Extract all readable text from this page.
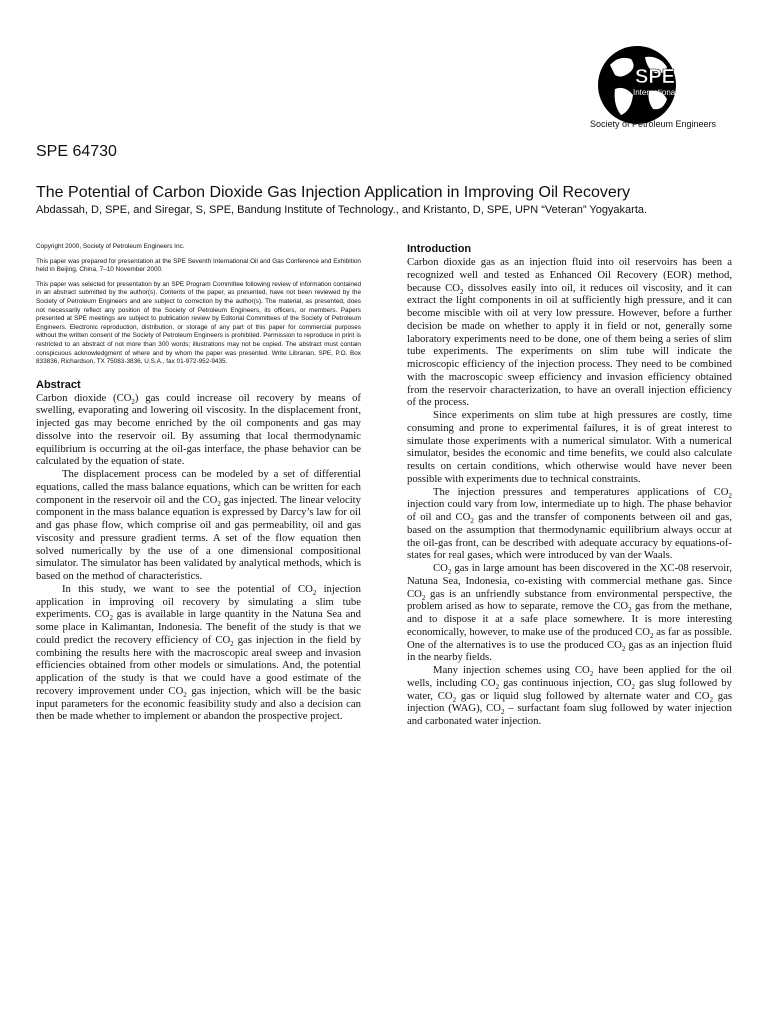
SPE
International
Society of Petroleum Engineers
SPE 64730
The Potential of Carbon Dioxide Gas Injection Application in Improving Oil Recovery
Abdassah, D, SPE, and Siregar, S, SPE, Bandung Institute of Technology., and Kristanto, D, SPE, UPN “Veteran” Yogyakarta.

Copyright 2000, Society of Petroleum Engineers Inc.

This paper was prepared for presentation at the SPE Seventh International Oil and Gas Conference and Exhibition held in Beijing, China, 7–10 November 2000.

This paper was selected for presentation by an SPE Program Committee following review of information contained in an abstract submitted by the author(s). Contents of the paper, as presented, have not been reviewed by the Society of Petroleum Engineers and are subject to correction by the author(s). The material, as presented, does not necessarily reflect any position of the Society of Petroleum Engineers, its officers, or members. Papers presented at SPE meetings are subject to publication review by Editorial Committees of the Society of Petroleum Engineers. Electronic reproduction, distribution, or storage of any part of this paper for commercial purposes without the written consent of the Society of Petroleum Engineers is prohibited. Permission to reproduce in print is restricted to an abstract of not more than 300 words; illustrations may not be copied. The abstract must contain conspicuous acknowledgment of where and by whom the paper was presented. Write Librarian, SPE, P.O. Box 833836, Richardson, TX 75083-3836, U.S.A., fax 01-972-952-9435.

Abstract

Carbon dioxide $(CO_2)$ gas could increase oil recovery by means of swelling, evaporating and lowering oil viscosity. In the displacement front, injected gas may become enriched by the oil components and gas may dissolve into the reservoir oil. By assuming that local thermodynamic equilibrium is occurring at the oil-gas interface, the phase behavior can be calculated by the equation of state.

The displacement process can be modeled by a set of differential equations, called the mass balance equations, which can be written for each component in the reservoir oil and the $CO_2$ gas injected. The linear velocity component in the mass balance equation is expressed by Darcy’s law for oil and gas phase flow, which comprise oil and gas permeability, oil and gas viscosity and pressure gradient terms. A set of the flow equation then solved numerically by the use of a one dimensional compositional simulator. The simulator has been validated by analytical methods, which is based on the method of characteristics.

In this study, we want to see the potential of $CO_2$ injection application in improving oil recovery by simulating a slim tube experiments. $CO_2$ gas is available in large quantity in the Natuna Sea and some place in Kalimantan, Indonesia. The benefit of the study is that we could predict the recovery efficiency of $CO_2$ gas injection in the field by combining the results here with the macroscopic areal sweep and invasion efficiencies obtained from other models or simulations. And, the potential application of the study is that we could have a good estimate of the recovery improvement under $CO_2$ gas injection, which will be the basic input parameters for the economic feasibility study and also a decision can then be made whether to implement or abandon the prospective project.

Introduction

Carbon dioxide gas as an injection fluid into oil reservoirs has been a recognized well and tested as Enhanced Oil Recovery (EOR) method, because $CO_2$ dissolves easily into oil, it reduces oil viscosity, and it can extract the light components in oil at sufficiently high pressure, and it can become miscible with oil at very low pressure. However, before a further decision be made on whether to apply it in field or not, generally some laboratory experiments need to be done, one of them being a series of slim tube experiments. The experiments on slim tube will indicate the microscopic efficiency of the injection process. They need to be combined with the macroscopic sweep efficiency and invasion efficiency obtained from the reservoir characterization, to have an overall injection efficiency of the process.

Since experiments on slim tube at high pressures are costly, time consuming and prone to experimental failures, it is of great interest to simulate those experiments with a numerical simulator. With a numerical simulator, besides the economic and time benefits, we could also calculate results on certain conditions, which otherwise would have never been possible with experiments due to technical constraints.

The injection pressures and temperatures applications of $CO_2$ injection could vary from low, intermediate up to high. The phase behavior of oil and $CO_2$ gas and the transfer of components between oil and gas, based on the assumption that thermodynamic equilibrium always occur at the oil-gas front, can be described with adequate accuracy by equations-of-states for real gases, which were introduced by van der Waals.

$CO_2$ gas in large amount has been discovered in the XC-08 reservoir, Natuna Sea, Indonesia, co-existing with commercial methane gas. Since $CO_2$ gas is an unfriendly substance from environmental perspective, the problem arised as how to separate, remove the $CO_2$ gas from the methane, and to dispose it at a safe place somewhere. It is more interesting economically, however, to make use of the produced $CO_2$ as far as possible. One of the alternatives is to use the produced $CO_2$ gas as an injection fluid in the nearby fields.

Many injection schemes using $CO_2$ have been applied for the oil wells, including $CO_2$ gas continuous injection, $CO_2$ gas slug followed by water, $CO_2$ gas or liquid slug followed by alternate water and $CO_2$ gas injection (WAG), $CO_2$ – surfactant foam slug followed by water injection and carbonated water injection.
